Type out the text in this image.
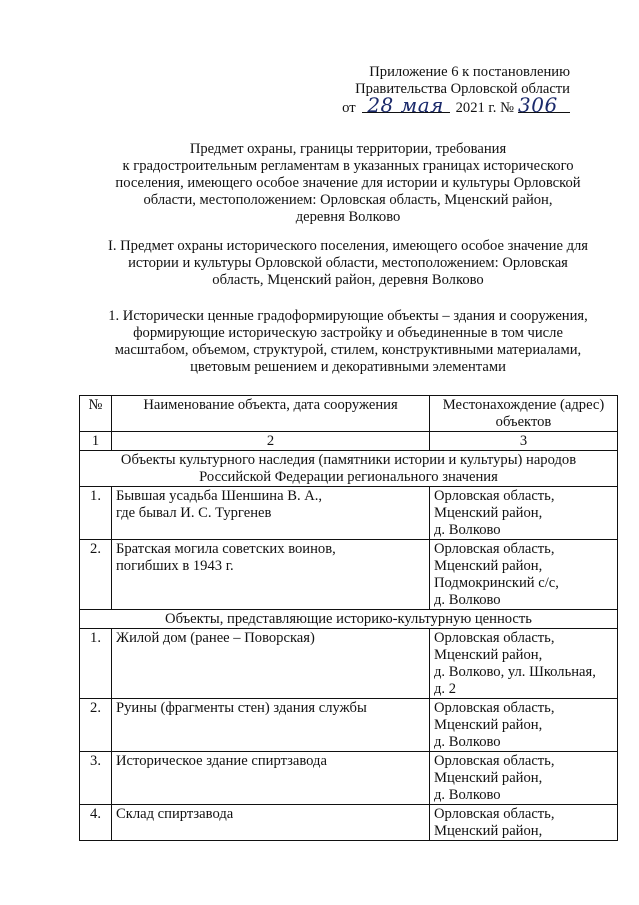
Приложение 6 к постановлению
Правительства Орловской области
от 28 мая 2021 г. № 306
Предмет охраны, границы территории, требования
к градостроительным регламентам в указанных границах исторического
поселения, имеющего особое значение для истории и культуры Орловской
области, местоположением: Орловская область, Мценский район,
деревня Волково
I. Предмет охраны исторического поселения, имеющего особое значение для
истории и культуры Орловской области, местоположением: Орловская
область, Мценский район, деревня Волково
1. Исторически ценные градоформирующие объекты – здания и сооружения,
формирующие историческую застройку и объединенные в том числе
масштабом, объемом, структурой, стилем, конструктивными материалами,
цветовым решением и декоративными элементами
№	Наименование объекта, дата сооружения	Местонахождение (адрес)
объектов

1	2	3

Объекты культурного наследия (памятники истории и культуры) народов
Российской Федерации регионального значения		

1.	Бывшая усадьба Шеншина В. А.,
где бывал И. С. Тургенев	Орловская область,
Мценский район,
д. Волково

2.	Братская могила советских воинов,
погибших в 1943 г.	Орловская область,
Мценский район,
Подмокринский с/с,
д. Волково

Объекты, представляющие историко-культурную ценность		
1.	Жилой дом (ранее – Поворская)	Орловская область,
Мценский район,
д. Волково, ул. Школьная,
д. 2

2.	Руины (фрагменты стен) здания службы	Орловская область,
Мценский район,
д. Волково

3.	Историческое здание спиртзавода	Орловская область,
Мценский район,
д. Волково

4.	Склад спиртзавода	Орловская область,
Мценский район,
